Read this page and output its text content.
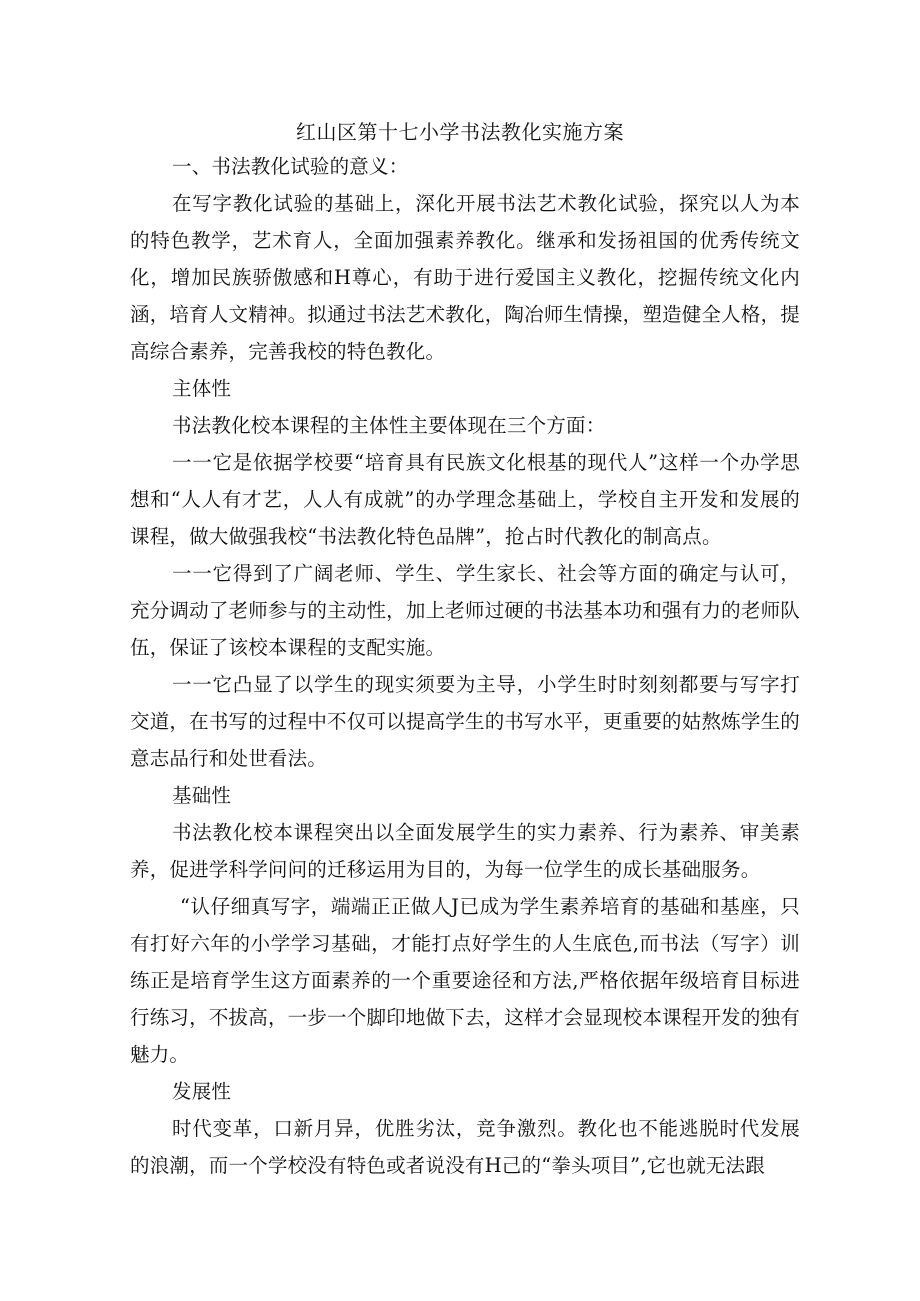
红山区第十七小学书法教化实施方案

一、书法教化试验的意义：

在写字教化试验的基础上，深化开展书法艺术教化试验，探究以人为本的特色教学，艺术育人，全面加强素养教化。继承和发扬祖国的优秀传统文化，增加民族骄傲感和H尊心，有助于进行爱国主义教化，挖掘传统文化内涵，培育人文精神。拟通过书法艺术教化，陶冶师生情操，塑造健全人格，提高综合素养，完善我校的特色教化。

主体性

书法教化校本课程的主体性主要体现在三个方面：

一一它是依据学校要“培育具有民族文化根基的现代人”这样一个办学思想和“人人有才艺，人人有成就”的办学理念基础上，学校自主开发和发展的课程，做大做强我校“书法教化特色品牌”，抢占时代教化的制高点。

一一它得到了广阔老师、学生、学生家长、社会等方面的确定与认可，充分调动了老师参与的主动性，加上老师过硬的书法基本功和强有力的老师队伍，保证了该校本课程的支配实施。

一一它凸显了以学生的现实须要为主导，小学生时时刻刻都要与写字打交道，在书写的过程中不仅可以提高学生的书写水平，更重要的姑熬炼学生的意志品行和处世看法。

基础性

书法教化校本课程突出以全面发展学生的实力素养、行为素养、审美素养，促进学科学问问的迁移运用为目的，为每一位学生的成长基础服务。

“认仔细真写字，端端正正做人J已成为学生素养培育的基础和基座，只有打好六年的小学学习基础，才能打点好学生的人生底色,而书法（写字）训练正是培育学生这方面素养的一个重要途径和方法,严格依据年级培育目标进行练习，不拔高，一步一个脚印地做下去，这样才会显现校本课程开发的独有魅力。

发展性

时代变革，口新月异，优胜劣汰，竞争激烈。教化也不能逃脱时代发展的浪潮，而一个学校没有特色或者说没有H己的“拳头项目”,它也就无法跟
